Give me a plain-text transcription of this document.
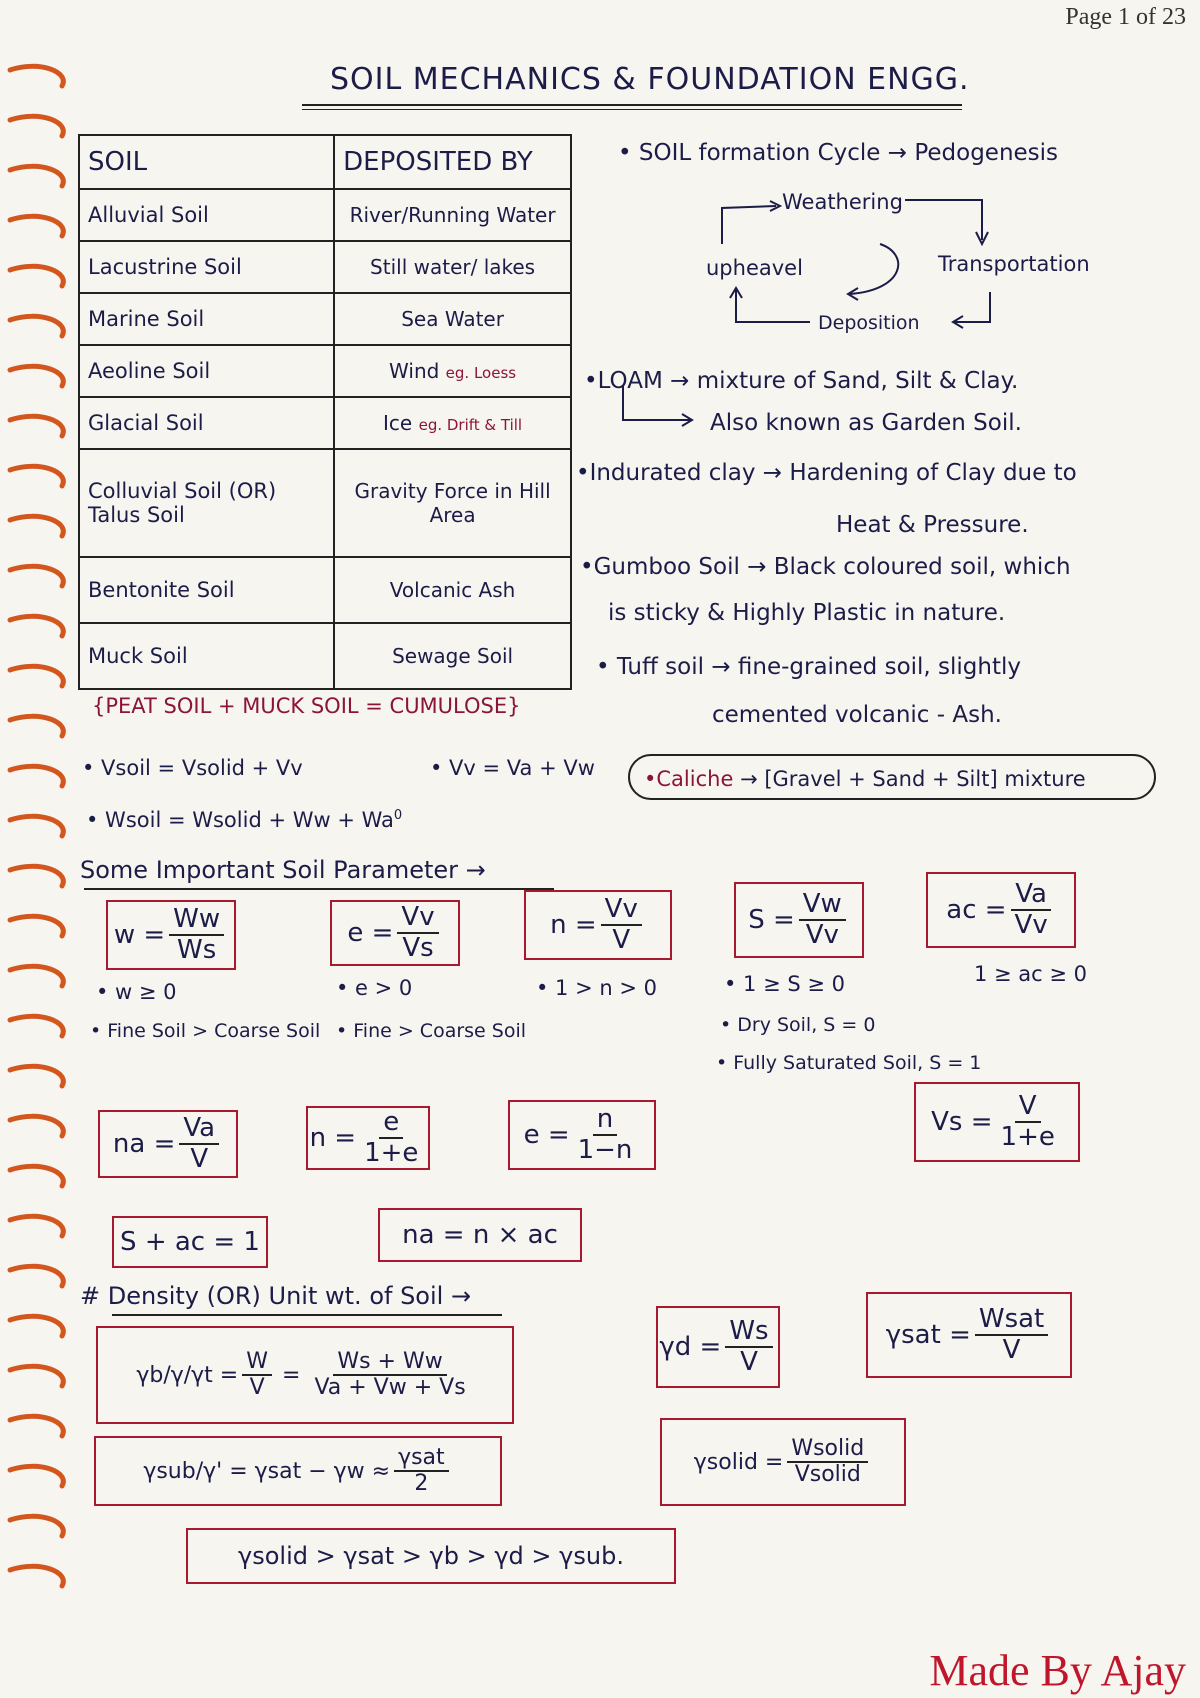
Page 1 of 23
SOIL MECHANICS & FOUNDATION ENGG.
SOIL	DEPOSITED BY
Alluvial Soil	River/Running Water
Lacustrine Soil	Still water/ lakes
Marine Soil	Sea Water
Aeoline Soil	Wind eg. Loess
Glacial Soil	Ice eg. Drift & Till
Colluvial Soil (OR) Talus Soil	Gravity Force in Hill Area
Bentonite Soil	Volcanic Ash
Muck Soil	Sewage Soil
{PEAT SOIL + MUCK SOIL = CUMULOSE}
• SOIL formation Cycle → Pedogenesis
Weathering
Transportation
Deposition
upheavel
•LOAM → mixture of Sand, Silt & Clay.
Also known as Garden Soil.
•Indurated clay → Hardening of Clay due to
Heat & Pressure.
•Gumboo Soil → Black coloured soil, which
is sticky & Highly Plastic in nature.
• Tuff soil → fine-grained soil, slightly
cemented volcanic - Ash.
•Caliche → [Gravel + Sand + Silt] mixture
• Vsoil = Vsolid + Vv	• Vv = Va + Vw
• Wsoil = Wsolid + $Ww + Wa^0$
Some Important Soil Parameter →
$w = \frac{Ww}{Ws}$	$e = \frac{Vv}{Vs}$	$n = \frac{Vv}{V}$	$S = \frac{Vw}{Vv}$	ac = $\frac{Va}{Vv}$
• w ≥ 0
• Fine Soil > Coarse Soil
• e > 0
• Fine > Coarse Soil
• 1 > n > 0	• 1 ≥ S ≥ 0
• Dry Soil, S = 0
• Fully Saturated Soil, S = 1
1 ≥ ac ≥ 0
na = $\frac{Va}{V}$	$n = \frac{e}{1+e}$	$e = \frac{n}{1-n}$	$Vs = \frac{V}{1+e}$
S + ac = 1	na = n × ac
# Density (OR) Unit wt. of Soil →
$\gamma b/\gamma/\gamma t = \frac{W}{V} = \frac{Ws + Ww}{Va + Vw + Vs}$
$\gamma d = \frac{Ws}{V}$	$\gamma sat = \frac{\text{Wsat}}{V}$
$\gamma sub/\gamma' = \gamma sat - \gamma w \approx \frac{\text{γsat}}{2}$	γsolid = $\frac{\text{Wsolid}}{\text{Vsolid}}$
γsolid > γsat > γb > γd > γsub.
Made By Ajay
